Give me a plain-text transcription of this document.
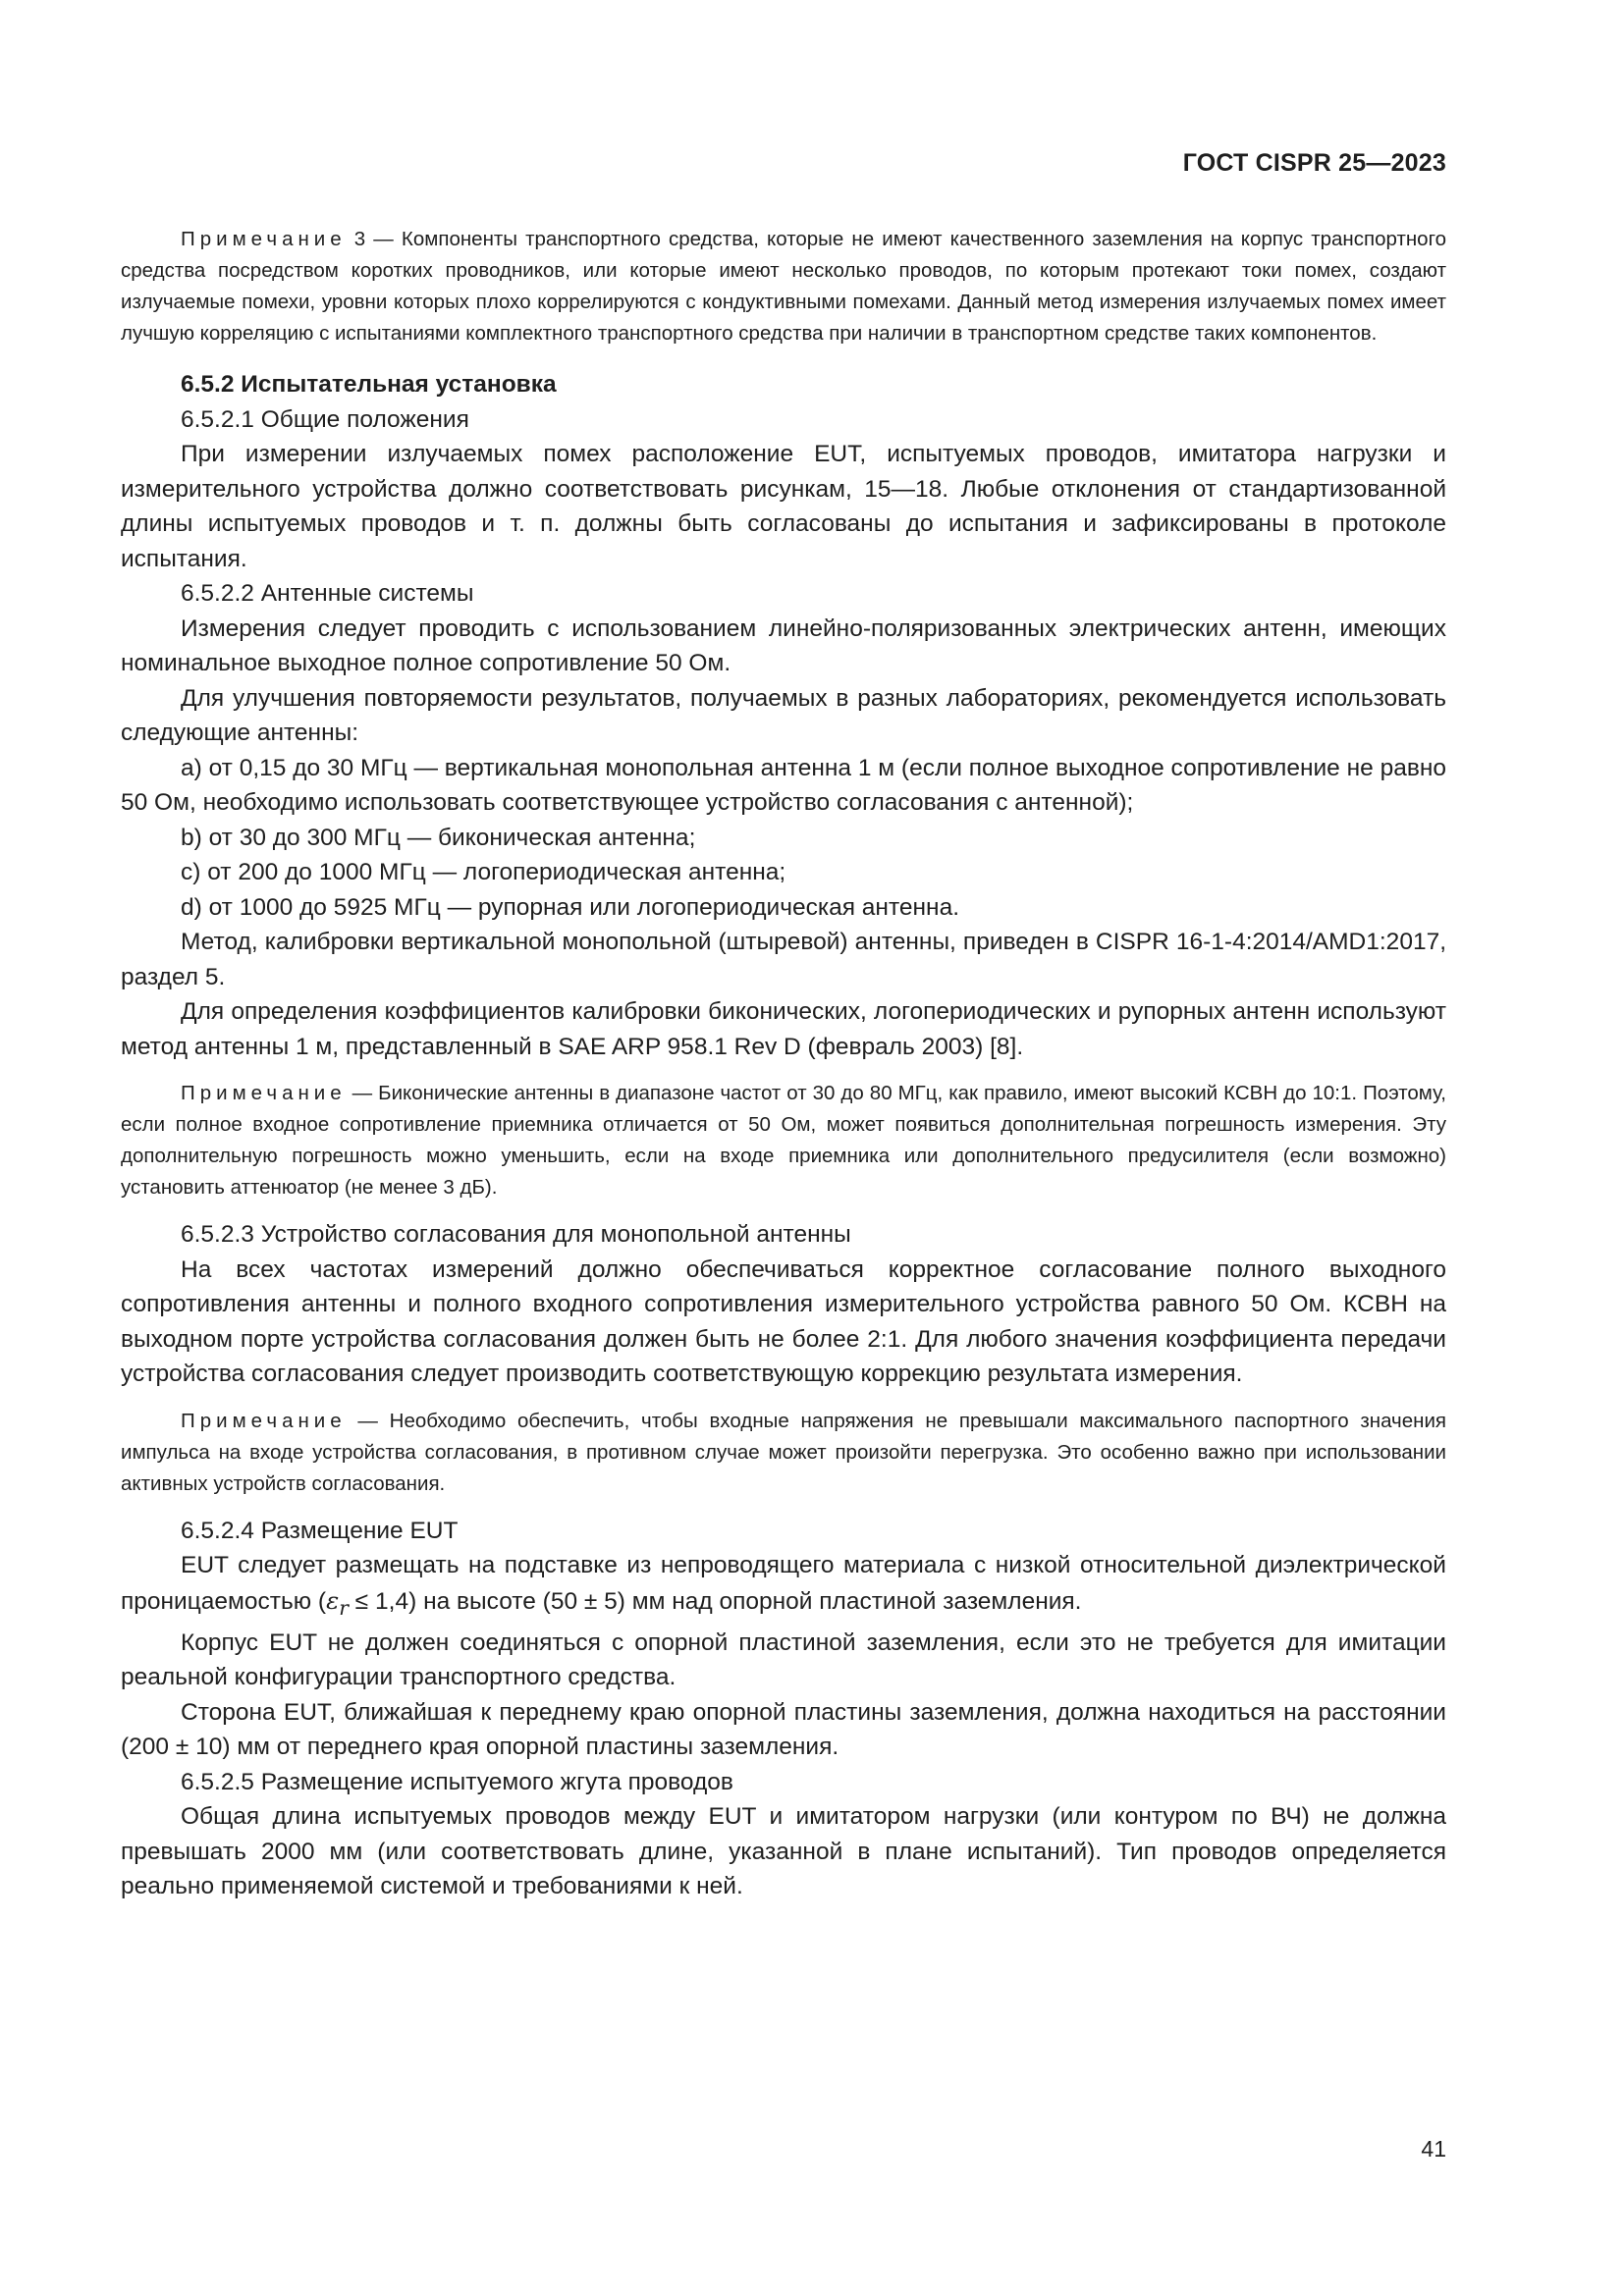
ГОСТ CISPR 25—2023

Примечание 3 — Компоненты транспортного средства, которые не имеют качественного заземления на корпус транспортного средства посредством коротких проводников, или которые имеют несколько проводов, по которым протекают токи помех, создают излучаемые помехи, уровни которых плохо коррелируются с кондуктивными помехами. Данный метод измерения излучаемых помех имеет лучшую корреляцию с испытаниями комплектного транспортного средства при наличии в транспортном средстве таких компонентов.

6.5.2 Испытательная установка
6.5.2.1 Общие положения

При измерении излучаемых помех расположение EUT, испытуемых проводов, имитатора нагрузки и измерительного устройства должно соответствовать рисункам, 15—18. Любые отклонения от стандартизованной длины испытуемых проводов и т. п. должны быть согласованы до испытания и зафиксированы в протоколе испытания.

6.5.2.2 Антенные системы

Измерения следует проводить с использованием линейно-поляризованных электрических антенн, имеющих номинальное выходное полное сопротивление 50 Ом.

Для улучшения повторяемости результатов, получаемых в разных лабораториях, рекомендуется использовать следующие антенны:

a) от 0,15 до 30 МГц — вертикальная монопольная антенна 1 м (если полное выходное сопротивление не равно 50 Ом, необходимо использовать соответствующее устройство согласования с антенной);

b) от 30 до 300 МГц — биконическая антенна;

c) от 200 до 1000 МГц — логопериодическая антенна;

d) от 1000 до 5925 МГц — рупорная или логопериодическая антенна.

Метод, калибровки вертикальной монопольной (штыревой) антенны, приведен в CISPR 16-1-4:2014/AMD1:2017, раздел 5.

Для определения коэффициентов калибровки биконических, логопериодических и рупорных антенн используют метод антенны 1 м, представленный в SAE ARP 958.1 Rev D (февраль 2003) [8].

Примечание — Биконические антенны в диапазоне частот от 30 до 80 МГц, как правило, имеют высокий КСВН до 10:1. Поэтому, если полное входное сопротивление приемника отличается от 50 Ом, может появиться дополнительная погрешность измерения. Эту дополнительную погрешность можно уменьшить, если на входе приемника или дополнительного предусилителя (если возможно) установить аттенюатор (не менее 3 дБ).

6.5.2.3 Устройство согласования для монопольной антенны

На всех частотах измерений должно обеспечиваться корректное согласование полного выходного сопротивления антенны и полного входного сопротивления измерительного устройства равного 50 Ом. КСВН на выходном порте устройства согласования должен быть не более 2:1. Для любого значения коэффициента передачи устройства согласования следует производить соответствующую коррекцию результата измерения.

Примечание — Необходимо обеспечить, чтобы входные напряжения не превышали максимального паспортного значения импульса на входе устройства согласования, в противном случае может произойти перегрузка. Это особенно важно при использовании активных устройств согласования.

6.5.2.4 Размещение EUT

EUT следует размещать на подставке из непроводящего материала с низкой относительной диэлектрической проницаемостью $(\varepsilon_r \le 1,4)$ на высоте (50 ± 5) мм над опорной пластиной заземления.

Корпус EUT не должен соединяться с опорной пластиной заземления, если это не требуется для имитации реальной конфигурации транспортного средства.

Сторона EUT, ближайшая к переднему краю опорной пластины заземления, должна находиться на расстоянии (200 ± 10) мм от переднего края опорной пластины заземления.

6.5.2.5 Размещение испытуемого жгута проводов

Общая длина испытуемых проводов между EUT и имитатором нагрузки (или контуром по ВЧ) не должна превышать 2000 мм (или соответствовать длине, указанной в плане испытаний). Тип проводов определяется реально применяемой системой и требованиями к ней.

41
